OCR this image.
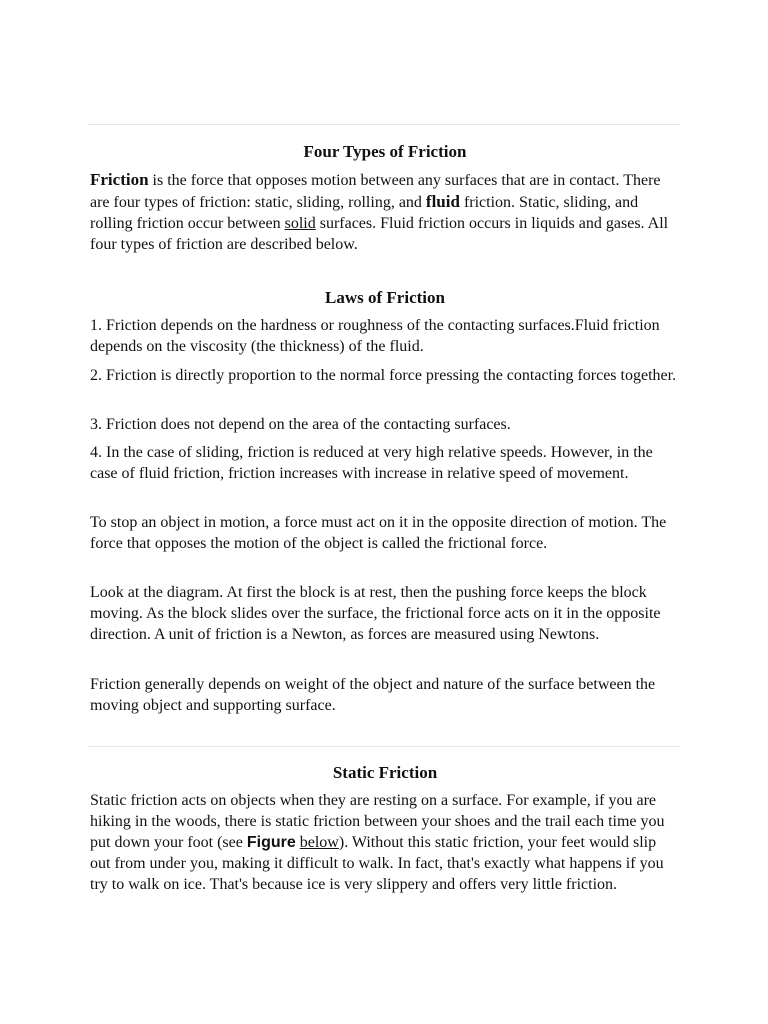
Four Types of Friction

Friction is the force that opposes motion between any surfaces that are in contact. There are four types of friction: static, sliding, rolling, and fluid friction. Static, sliding, and rolling friction occur between solid surfaces. Fluid friction occurs in liquids and gases. All four types of friction are described below.

Laws of Friction
1. Friction depends on the hardness or roughness of the contacting surfaces.Fluid friction depends on the viscosity (the thickness) of the fluid.
2. Friction is directly proportion to the normal force pressing the contacting forces together.
3. Friction does not depend on the area of the contacting surfaces.
4. In the case of sliding, friction is reduced at very high relative speeds. However, in the case of fluid friction, friction increases with increase in relative speed of movement.
To stop an object in motion, a force must act on it in the opposite direction of motion. The force that opposes the motion of the object is called the frictional force.
Look at the diagram. At first the block is at rest, then the pushing force keeps the block moving. As the block slides over the surface, the frictional force acts on it in the opposite direction. A unit of friction is a Newton, as forces are measured using Newtons.
Friction generally depends on weight of the object and nature of the surface between the moving object and supporting surface.
Static Friction

Static friction acts on objects when they are resting on a surface. For example, if you are hiking in the woods, there is static friction between your shoes and the trail each time you put down your foot (see Figure below). Without this static friction, your feet would slip out from under you, making it difficult to walk. In fact, that's exactly what happens if you try to walk on ice. That's because ice is very slippery and offers very little friction.
